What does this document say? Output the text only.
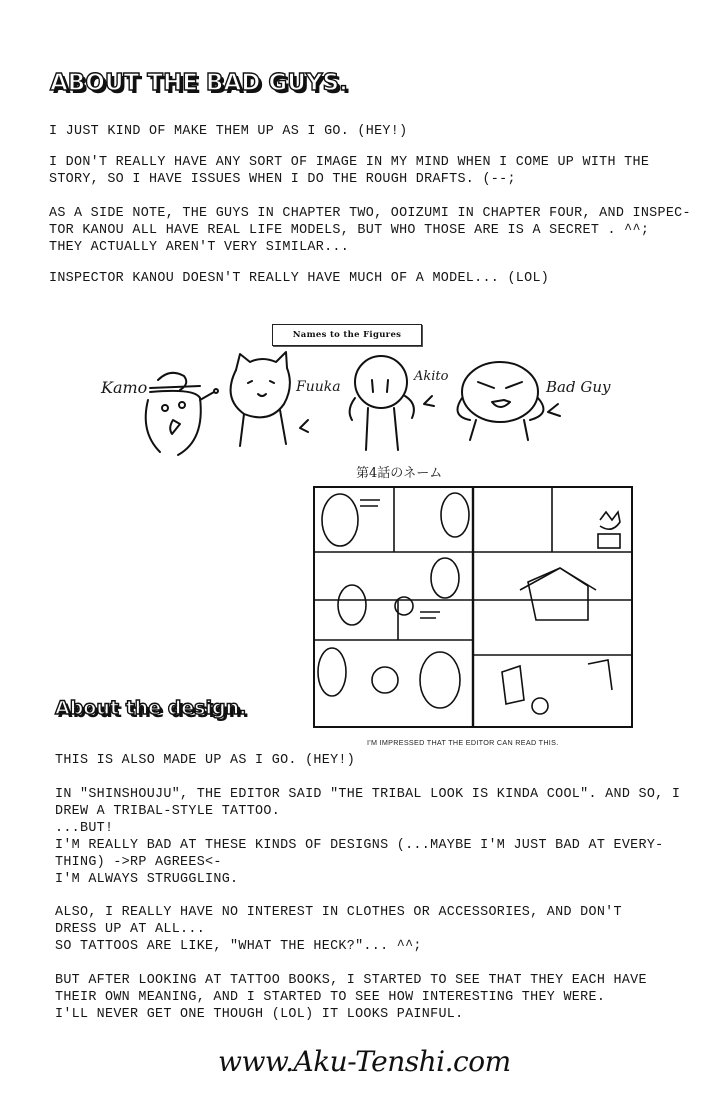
ABOUT THE BAD GUYS.

I JUST KIND OF MAKE THEM UP AS I GO. (HEY!)

I DON'T REALLY HAVE ANY SORT OF IMAGE IN MY MIND WHEN I COME UP WITH THE
STORY, SO I HAVE ISSUES WHEN I DO THE ROUGH DRAFTS. (--;

AS A SIDE NOTE, THE GUYS IN CHAPTER TWO, OOIZUMI IN CHAPTER FOUR, AND INSPEC-
TOR KANOU ALL HAVE REAL LIFE MODELS, BUT WHO THOSE ARE IS A SECRET . ^^;
THEY ACTUALLY AREN'T VERY SIMILAR...

INSPECTOR KANOU DOESN'T REALLY HAVE MUCH OF A MODEL... (LOL)

Names to the Figures

Kamo	Fuuka

Akito

Bad Guy

第4話のネーム

About the design.

I'M IMPRESSED THAT THE EDITOR CAN READ THIS.

THIS IS ALSO MADE UP AS I GO. (HEY!)

IN "SHINSHOUJU", THE EDITOR SAID "THE TRIBAL LOOK IS KINDA COOL". AND SO, I
DREW A TRIBAL-STYLE TATTOO.
...BUT!
I'M REALLY BAD AT THESE KINDS OF DESIGNS (...MAYBE I'M JUST BAD AT EVERY-
THING) ->RP AGREES<-
I'M ALWAYS STRUGGLING.

ALSO, I REALLY HAVE NO INTEREST IN CLOTHES OR ACCESSORIES, AND DON'T
DRESS UP AT ALL...
SO TATTOOS ARE LIKE, "WHAT THE HECK?"... ^^;

BUT AFTER LOOKING AT TATTOO BOOKS, I STARTED TO SEE THAT THEY EACH HAVE
THEIR OWN MEANING, AND I STARTED TO SEE HOW INTERESTING THEY WERE.
I'LL NEVER GET ONE THOUGH (LOL) IT LOOKS PAINFUL.

www.Aku-Tenshi.com
